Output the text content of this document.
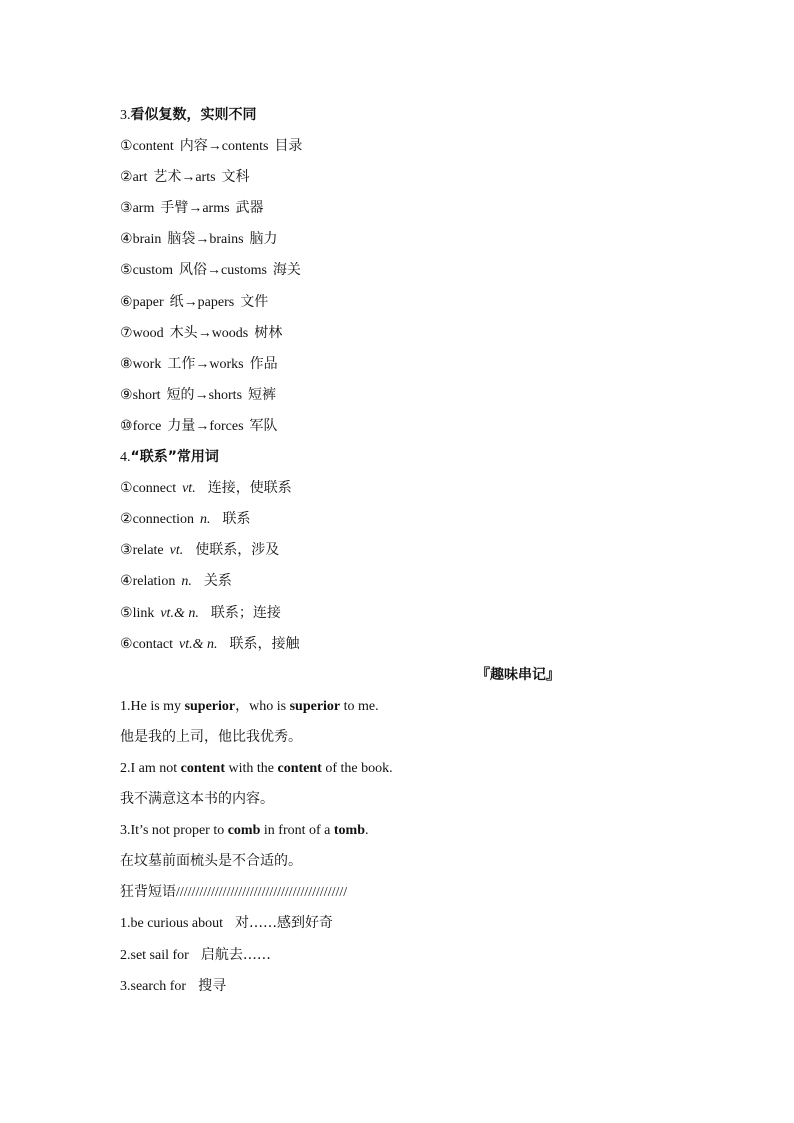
3.看似复数，实则不同
①content 内容→contents 目录
②art 艺术→arts 文科
③arm 手臂→arms 武器
④brain 脑袋→brains 脑力
⑤custom 风俗→customs 海关
⑥paper 纸→papers 文件
⑦wood 木头→woods 树林
⑧work 工作→works 作品
⑨short 短的→shorts 短裤
⑩force 力量→forces 军队
4.“联系”常用词
①connect vt. 连接，使联系
②connection n. 联系
③relate vt. 使联系，涉及
④relation n. 关系
⑤link vt.& n. 联系；连接
⑥contact vt.& n. 联系，接触
『趣味串记』
1.He is my superior，who is superior to me.
他是我的上司，他比我优秀。
2.I am not content with the content of the book.
我不满意这本书的内容。
3.It’s not proper to comb in front of a tomb.
在坟墓前面梳头是不合适的。
狂背短语////////////////////////////////////////////
1.be curious about 对……感到好奇
2.set sail for 启航去……
3.search for 搜寻
